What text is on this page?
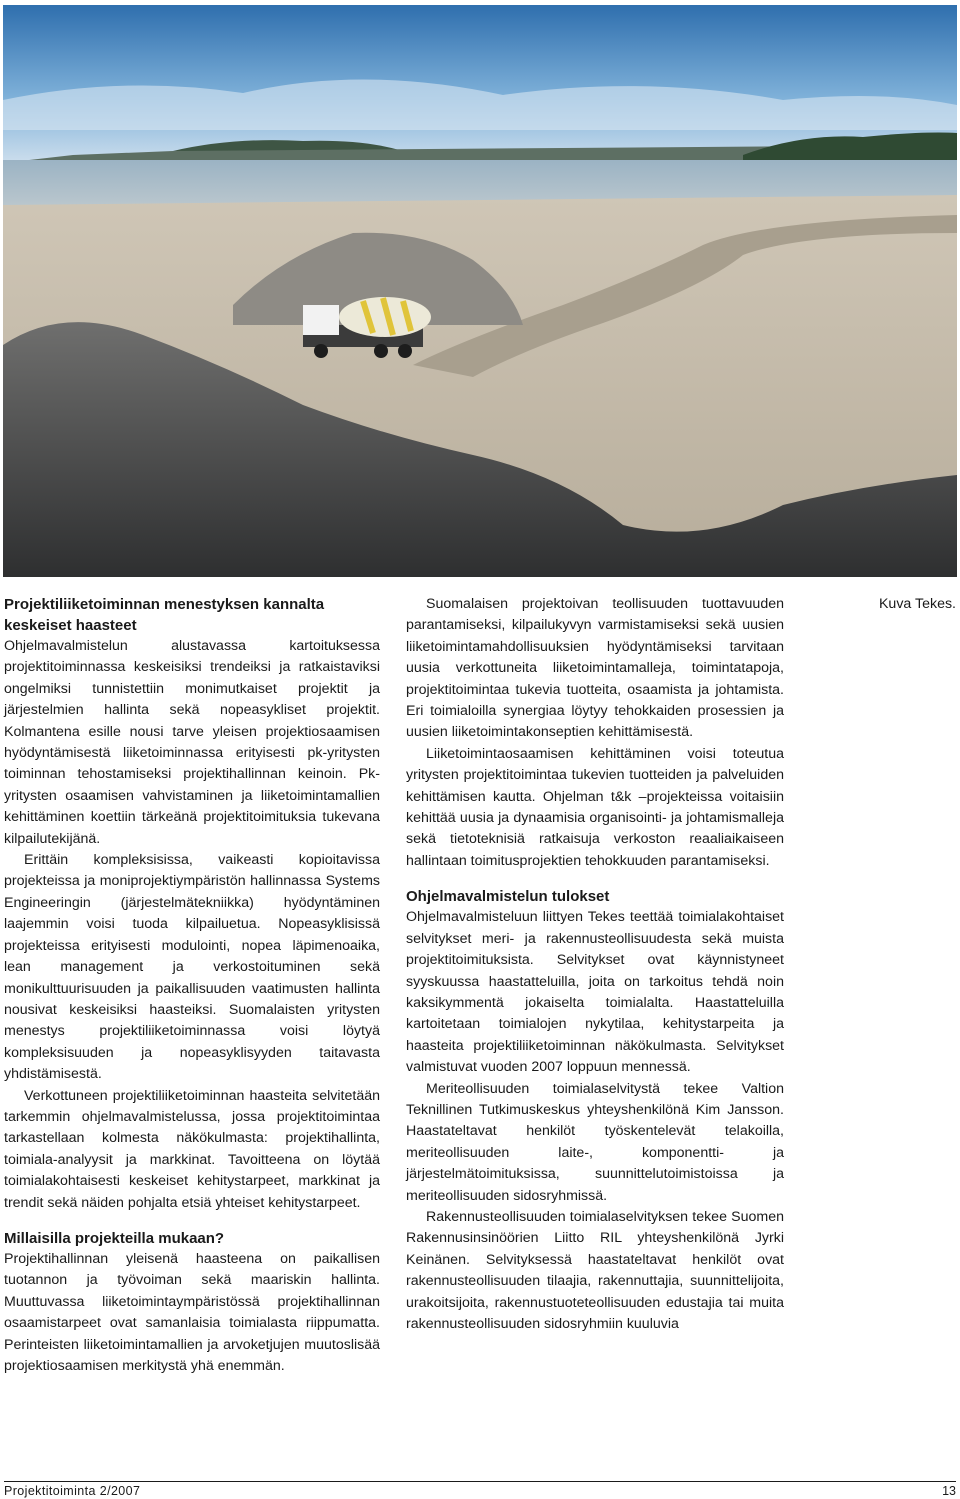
Kuva Tekes.
Projektiliiketoiminnan menestyksen kannalta keskeiset haasteet

Ohjelmavalmistelun alustavassa kartoituksessa projektitoiminnassa keskeisiksi trendeiksi ja ratkaistaviksi ongelmiksi tunnistettiin monimutkaiset projektit ja järjestelmien hallinta sekä nopeasykliset projektit. Kolmantena esille nousi tarve yleisen projektiosaamisen hyödyntämisestä liiketoiminnassa erityisesti pk-yritysten toiminnan tehostamiseksi projektihallinnan keinoin. Pk-yritysten osaamisen vahvistaminen ja liiketoimintamallien kehittäminen koettiin tärkeänä projektitoimituksia tukevana kilpailutekijänä.

Erittäin kompleksisissa, vaikeasti kopioitavissa projekteissa ja moniprojektiympäristön hallinnassa Systems Engineeringin (järjestelmätekniikka) hyödyntäminen laajemmin voisi tuoda kilpailuetua. Nopeasyklisissä projekteissa erityisesti modulointi, nopea läpimenoaika, lean management ja verkostoituminen sekä monikulttuurisuuden ja paikallisuuden vaatimusten hallinta nousivat keskeisiksi haasteiksi. Suomalaisten yritysten menestys projektiliiketoiminnassa voisi löytyä kompleksisuuden ja nopeasyklisyyden taitavasta yhdistämisestä.

Verkottuneen projektiliiketoiminnan haasteita selvitetään tarkemmin ohjelmavalmistelussa, jossa projektitoimintaa tarkastellaan kolmesta näkökulmasta: projektihallinta, toimiala-analyysit ja markkinat. Tavoitteena on löytää toimialakohtaisesti keskeiset kehitystarpeet, markkinat ja trendit sekä näiden pohjalta etsiä yhteiset kehitystarpeet.

Millaisilla projekteilla mukaan?

Projektihallinnan yleisenä haasteena on paikallisen tuotannon ja työvoiman sekä maariskin hallinta. Muuttuvassa liiketoimintaympäristössä projektihallinnan osaamistarpeet ovat samanlaisia toimialasta riippumatta. Perinteisten liiketoimintamallien ja arvoketjujen muutoslisää projektiosaamisen merkitystä yhä enemmän.

Suomalaisen projektoivan teollisuuden tuottavuuden parantamiseksi, kilpailukyvyn varmistamiseksi sekä uusien liiketoimintamahdollisuuksien hyödyntämiseksi tarvitaan uusia verkottuneita liiketoimintamalleja, toimintatapoja, projektitoimintaa tukevia tuotteita, osaamista ja johtamista. Eri toimialoilla synergiaa löytyy tehokkaiden prosessien ja uusien liiketoimintakonseptien kehittämisestä.

Liiketoimintaosaamisen kehittäminen voisi toteutua yritysten projektitoimintaa tukevien tuotteiden ja palveluiden kehittämisen kautta. Ohjelman t&k –projekteissa voitaisiin kehittää uusia ja dynaamisia organisointi- ja johtamismalleja sekä tietoteknisiä ratkaisuja verkoston reaaliaikaiseen hallintaan toimitusprojektien tehokkuuden parantamiseksi.

Ohjelmavalmistelun tulokset

Ohjelmavalmisteluun liittyen Tekes teettää toimialakohtaiset selvitykset meri- ja rakennusteollisuudesta sekä muista projektitoimituksista. Selvitykset ovat käynnistyneet syyskuussa haastatteluilla, joita on tarkoitus tehdä noin kaksikymmentä jokaiselta toimialalta. Haastatteluilla kartoitetaan toimialojen nykytilaa, kehitystarpeita ja haasteita projektiliiketoiminnan näkökulmasta. Selvitykset valmistuvat vuoden 2007 loppuun mennessä.

Meriteollisuuden toimialaselvitystä tekee Valtion Teknillinen Tutkimuskeskus yhteyshenkilönä Kim Jansson. Haastateltavat henkilöt työskentelevät telakoilla, meriteollisuuden laite-, komponentti- ja järjestelmätoimituksissa, suunnittelutoimistoissa ja meriteollisuuden sidosryhmissä.

Rakennusteollisuuden toimialaselvityksen tekee Suomen Rakennusinsinöörien Liitto RIL yhteyshenkilönä Jyrki Keinänen. Selvityksessä haastateltavat henkilöt ovat rakennusteollisuuden tilaajia, rakennuttajia, suunnittelijoita, urakoitsijoita, rakennustuoteteollisuuden edustajia tai muita rakennusteollisuuden sidosryhmiin kuuluvia

Projektitoiminta 2/2007	13
